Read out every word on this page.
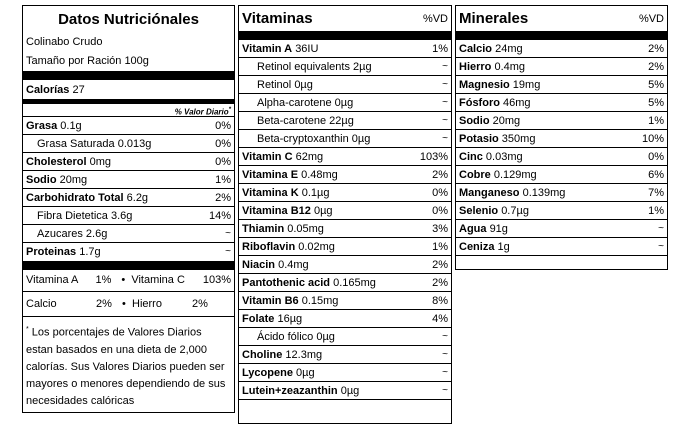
Datos Nutriciónales
Colinabo Crudo
Tamaño por Ración 100g
Calorías 27
% Valor Diario*
Grasa 0.1g	0%
Grasa Saturada 0.013g	0%
Cholesterol 0mg	0%
Sodio 20mg	1%
Carbohidrato Total 6.2g	2%
Fibra Dietetica 3.6g	14%
Azucares 2.6g	~
Proteinas 1.7g	~
Vitamina A	1% • Vitamina C	103%
Calcio	2% • Hierro	2%
* Los porcentajes de Valores Diarios estan basados en una dieta de 2,000 calorías. Sus Valores Diarios pueden ser mayores o menores dependiendo de sus necesidades calóricas
Vitaminas	%VD
Vitamin A 36IU	1%
Retinol equivalents 2µg	~
Retinol 0µg	~
Alpha-carotene 0µg	~
Beta-carotene 22µg	~
Beta-cryptoxanthin 0µg	~
Vitamin C 62mg	103%
Vitamina E 0.48mg	2%
Vitamina K 0.1µg	0%
Vitamina B12 0µg	0%
Thiamin 0.05mg	3%
Riboflavin 0.02mg	1%
Niacin 0.4mg	2%
Pantothenic acid 0.165mg	2%
Vitamin B6 0.15mg	8%
Folate 16µg	4%
Ácido fólico 0µg	~
Choline 12.3mg	~
Lycopene 0µg	~
Lutein+zeazanthin 0µg	~
Minerales	%VD
Calcio 24mg	2%
Hierro 0.4mg	2%
Magnesio 19mg	5%
Fósforo 46mg	5%
Sodio 20mg	1%
Potasio 350mg	10%
Cinc 0.03mg	0%
Cobre 0.129mg	6%
Manganeso 0.139mg	7%
Selenio 0.7µg	1%
Agua 91g	~
Ceniza 1g	~
